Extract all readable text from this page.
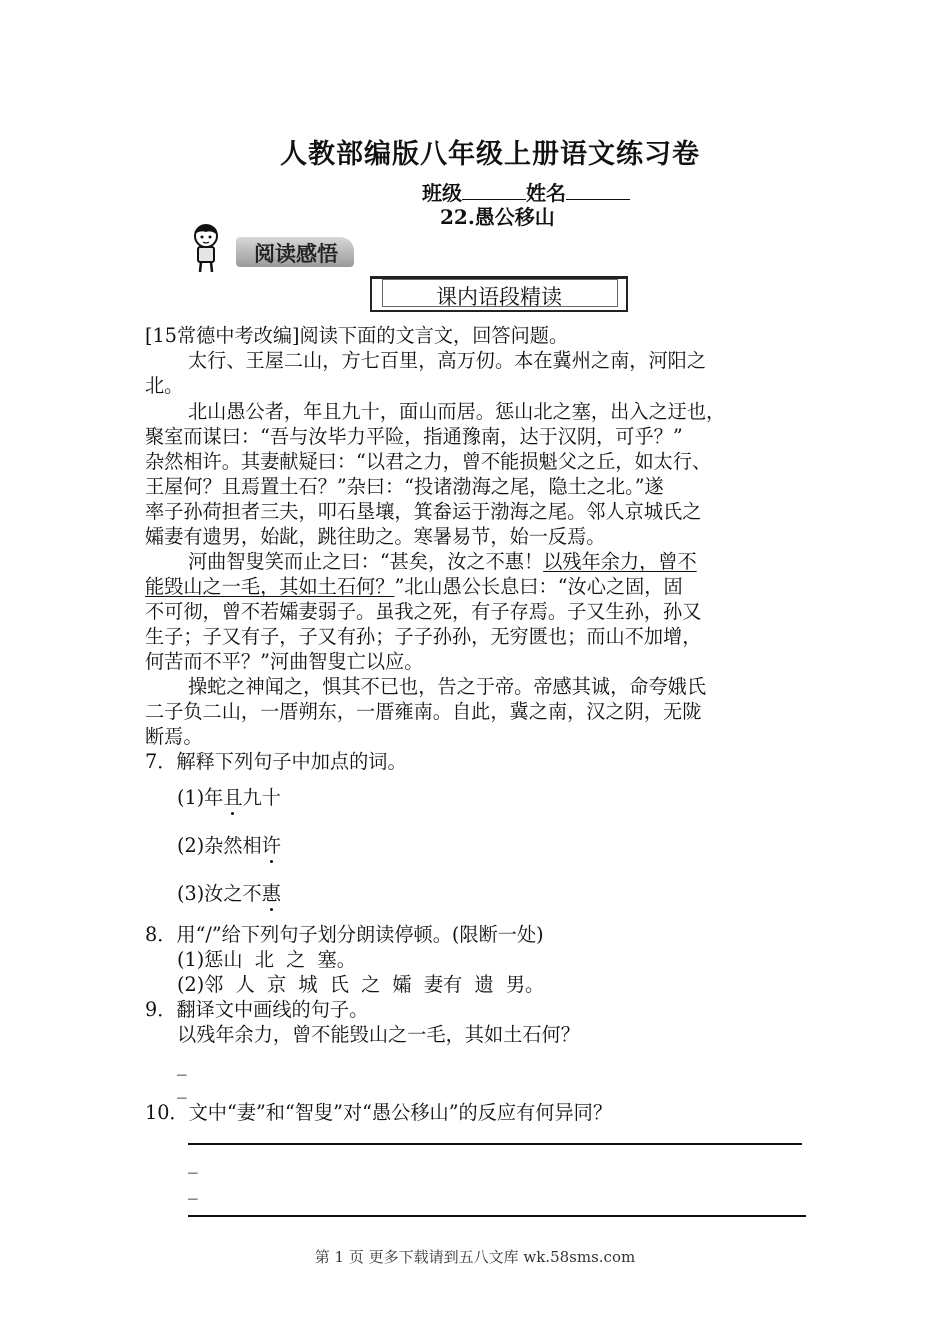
人教部编版八年级上册语文练习卷
班级	姓名
22.愚公移山
阅读感悟
课内语段精读
[15常德中考改编]阅读下面的文言文，回答问题。
太行、王屋二山，方七百里，高万仞。本在冀州之南，河阳之
北。
北山愚公者，年且九十，面山而居。惩山北之塞，出入之迂也，
聚室而谋曰：“吾与汝毕力平险，指通豫南，达于汉阴，可乎？”
杂然相许。其妻献疑曰：“以君之力，曾不能损魁父之丘，如太行、
王屋何？且焉置土石？”杂曰：“投诸渤海之尾，隐土之北。”遂
率子孙荷担者三夫，叩石垦壤，箕畚运于渤海之尾。邻人京城氏之
孀妻有遗男，始龀，跳往助之。寒暑易节，始一反焉。
河曲智叟笑而止之曰：“甚矣，汝之不惠！以残年余力，曾不
能毁山之一毛，其如土石何？”北山愚公长息曰：“汝心之固，固
不可彻，曾不若孀妻弱子。虽我之死，有子存焉。子又生孙，孙又
生子；子又有子，子又有孙；子子孙孙，无穷匮也；而山不加增，
何苦而不平？”河曲智叟亡以应。
操蛇之神闻之，惧其不已也，告之于帝。帝感其诚，命夸娥氏
二子负二山，一厝朔东，一厝雍南。自此，冀之南，汉之阴，无陇
断焉。
7．解释下列句子中加点的词。
(1)年且九十
(2)杂然相许
(3)汝之不惠
8．用“/”给下列句子划分朗读停顿。(限断一处)
(1)惩山  北  之  塞。
(2)邻  人  京  城  氏  之  孀  妻有  遗  男。
9．翻译文中画线的句子。
以残年余力，曾不能毁山之一毛，其如土石何？
_
_
10．文中“妻”和“智叟”对“愚公移山”的反应有何异同？
_
_
第 1 页 更多下载请到五八文库 wk.58sms.com
